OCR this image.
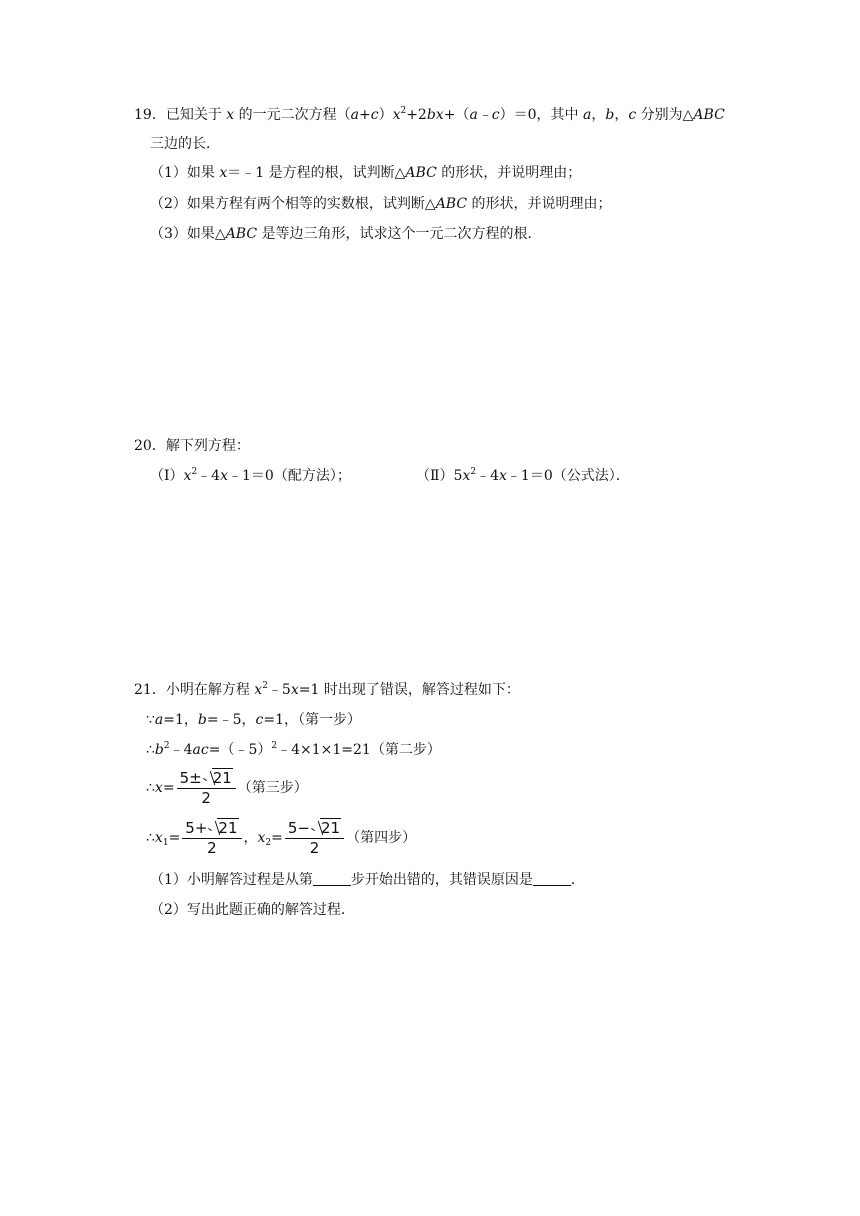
19．已知关于 x 的一元二次方程$(a+c)x^2+2bx+(a﹣c)=0$，其中 a，b，c 分别为△ABC
三边的长．
（1）如果 x＝﹣1 是方程的根，试判断△ABC 的形状，并说明理由；
（2）如果方程有两个相等的实数根，试判断△ABC 的形状，并说明理由；
（3）如果△ABC 是等边三角形，试求这个一元二次方程的根．
20．解下列方程：
$(Ⅰ)x^2﹣4x﹣1=0$（配方法）；	$(Ⅱ)5x^2﹣4x﹣1=0$（公式法）．
21．小明在解方程 $x^2﹣5x=1$ 时出现了错误，解答过程如下：
∵a=1，b=﹣5，c=1，（第一步）
$\therefore b^2﹣4ac=(﹣5)^2﹣4\times 1\times 1=21$（第二步）
∴x= $\frac{5\pm 21}{2}$ （第三步）
$\therefore x_1= \frac{5+ 21}{2}$ ，$x_2= \frac{5- 21}{2}$ （第四步）
（1）小明解答过程是从第	步开始出错的，其错误原因是	．
（2）写出此题正确的解答过程．
